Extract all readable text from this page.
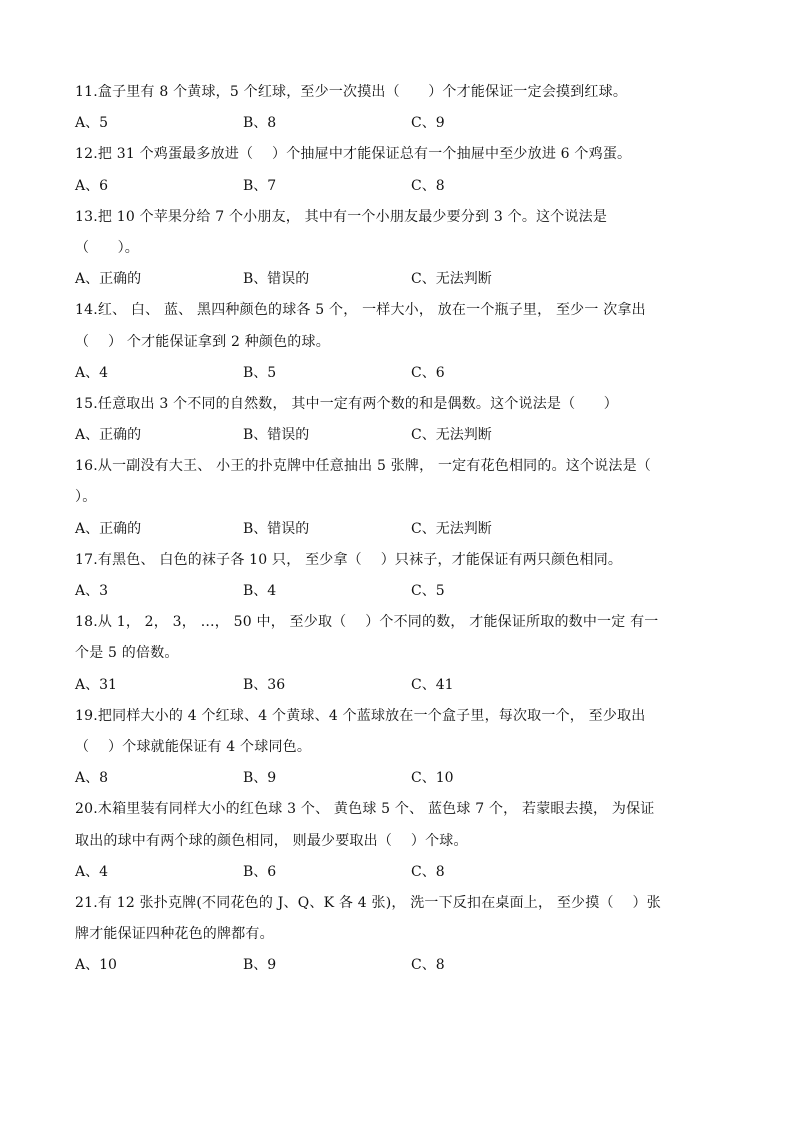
11.盒子里有 8 个黄球，5 个红球，至少一次摸出（　　）个才能保证一定会摸到红球。
A、5	B、8	C、9
12.把 31 个鸡蛋最多放进（　 ）个抽屉中才能保证总有一个抽屉中至少放进 6 个鸡蛋。
A、6	B、7	C、8
13.把 10 个苹果分给 7 个小朋友， 其中有一个小朋友最少要分到 3 个。这个说法是
（　　）。
A、正确的	B、错误的	C、无法判断
14.红、 白、 蓝、 黑四种颜色的球各 5 个， 一样大小， 放在一个瓶子里， 至少一 次拿出
（　 ） 个才能保证拿到 2 种颜色的球。
A、4	B、5	C、6
15.任意取出 3 个不同的自然数， 其中一定有两个数的和是偶数。这个说法是（　　）
A、正确的	B、错误的	C、无法判断
16.从一副没有大王、 小王的扑克牌中任意抽出 5 张牌， 一定有花色相同的。这个说法是（
）。
A、正确的	B、错误的	C、无法判断
17.有黑色、 白色的袜子各 10 只， 至少拿（　 ）只袜子，才能保证有两只颜色相同。
A、3	B、4	C、5
18.从 1， 2， 3， …， 50 中， 至少取（　 ）个不同的数， 才能保证所取的数中一定 有一
个是 5 的倍数。
A、31	B、36	C、41
19.把同样大小的 4 个红球、4 个黄球、4 个蓝球放在一个盒子里，每次取一个， 至少取出
（　 ）个球就能保证有 4 个球同色。
A、8	B、9	C、10
20.木箱里装有同样大小的红色球 3 个、 黄色球 5 个、 蓝色球 7 个， 若蒙眼去摸， 为保证
取出的球中有两个球的颜色相同， 则最少要取出（　 ）个球。
A、4	B、6	C、8
21.有 12 张扑克牌(不同花色的 J、Q、K 各 4 张)， 洗一下反扣在桌面上， 至少摸（　 ）张
牌才能保证四种花色的牌都有。
A、10	B、9	C、8
